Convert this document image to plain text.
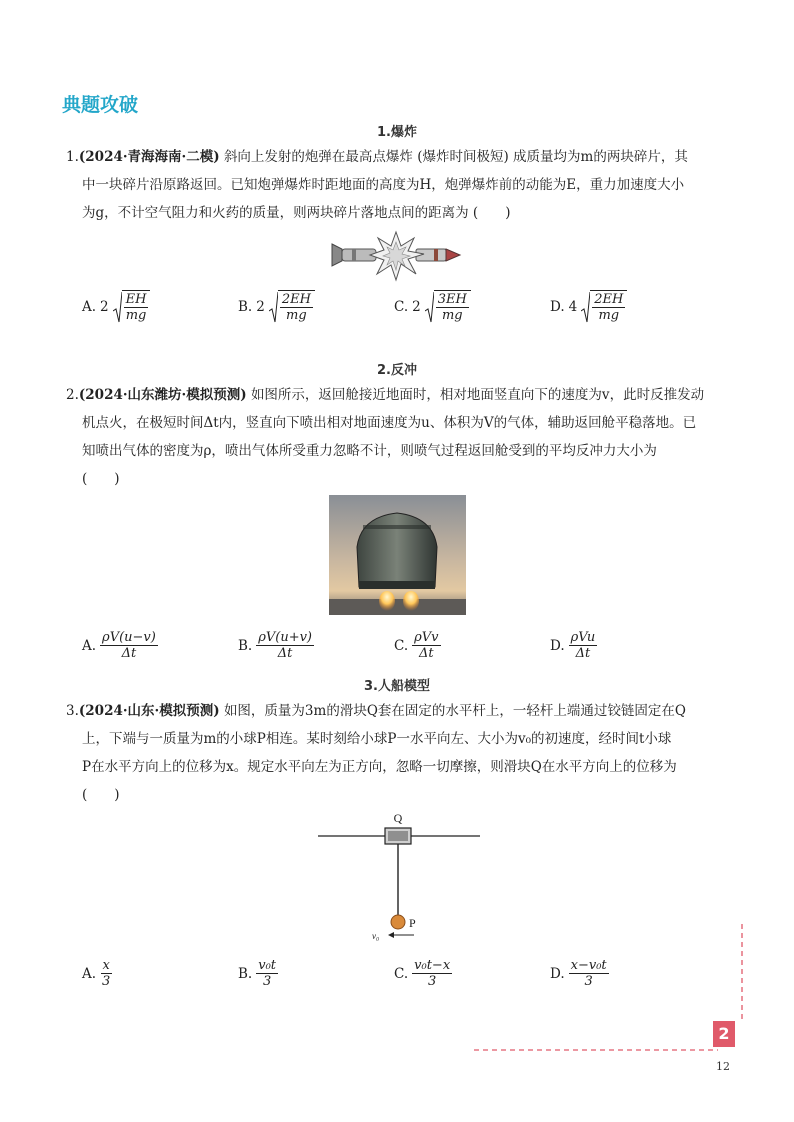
典题攻破
1.爆炸
1.(2024·青海海南·二模) 斜向上发射的炮弹在最高点爆炸 (爆炸时间极短) 成质量均为m的两块碎片，其
中一块碎片沿原路返回。已知炮弹爆炸时距地面的高度为H，炮弹爆炸前的动能为E，重力加速度大小
为g，不计空气阻力和火药的质量，则两块碎片落地点间的距离为 (　　)
A. $2 \frac{EH}{mg}$	B. $2 \frac{2EH}{mg}$	C. $2 \frac{3EH}{mg}$	D. $4 \frac{2EH}{mg}$
2.反冲
2.(2024·山东潍坊·模拟预测) 如图所示，返回舱接近地面时，相对地面竖直向下的速度为v，此时反推发动
机点火，在极短时间Δt内，竖直向下喷出相对地面速度为u、体积为V的气体，辅助返回舱平稳落地。已
知喷出气体的密度为ρ，喷出气体所受重力忽略不计，则喷气过程返回舱受到的平均反冲力大小为
(　　)
A. $\frac{\rho V(u-v)}{\Delta t}$	B. $\frac{\rho V(u+v)}{\Delta t}$	C. $\frac{\text{ρVv}}{\Delta t}$	D. $\frac{\text{ρVu}}{\Delta t}$
3.人船模型
3.(2024·山东·模拟预测) 如图，质量为3m的滑块Q套在固定的水平杆上，一轻杆上端通过铰链固定在Q
上，下端与一质量为m的小球P相连。某时刻给小球P一水平向左、大小为v₀的初速度，经时间t小球
P在水平方向上的位移为x。规定水平向左为正方向，忽略一切摩擦，则滑块Q在水平方向上的位移为
(　　)
Q
P
v₀
A. $\frac{x}{3}$	B. $\frac{\text{v₀t}}{3}$	C. $\frac{\text{v₀t−x}}{3}$	D. $\frac{\text{x−v₀t}}{3}$
2
12
